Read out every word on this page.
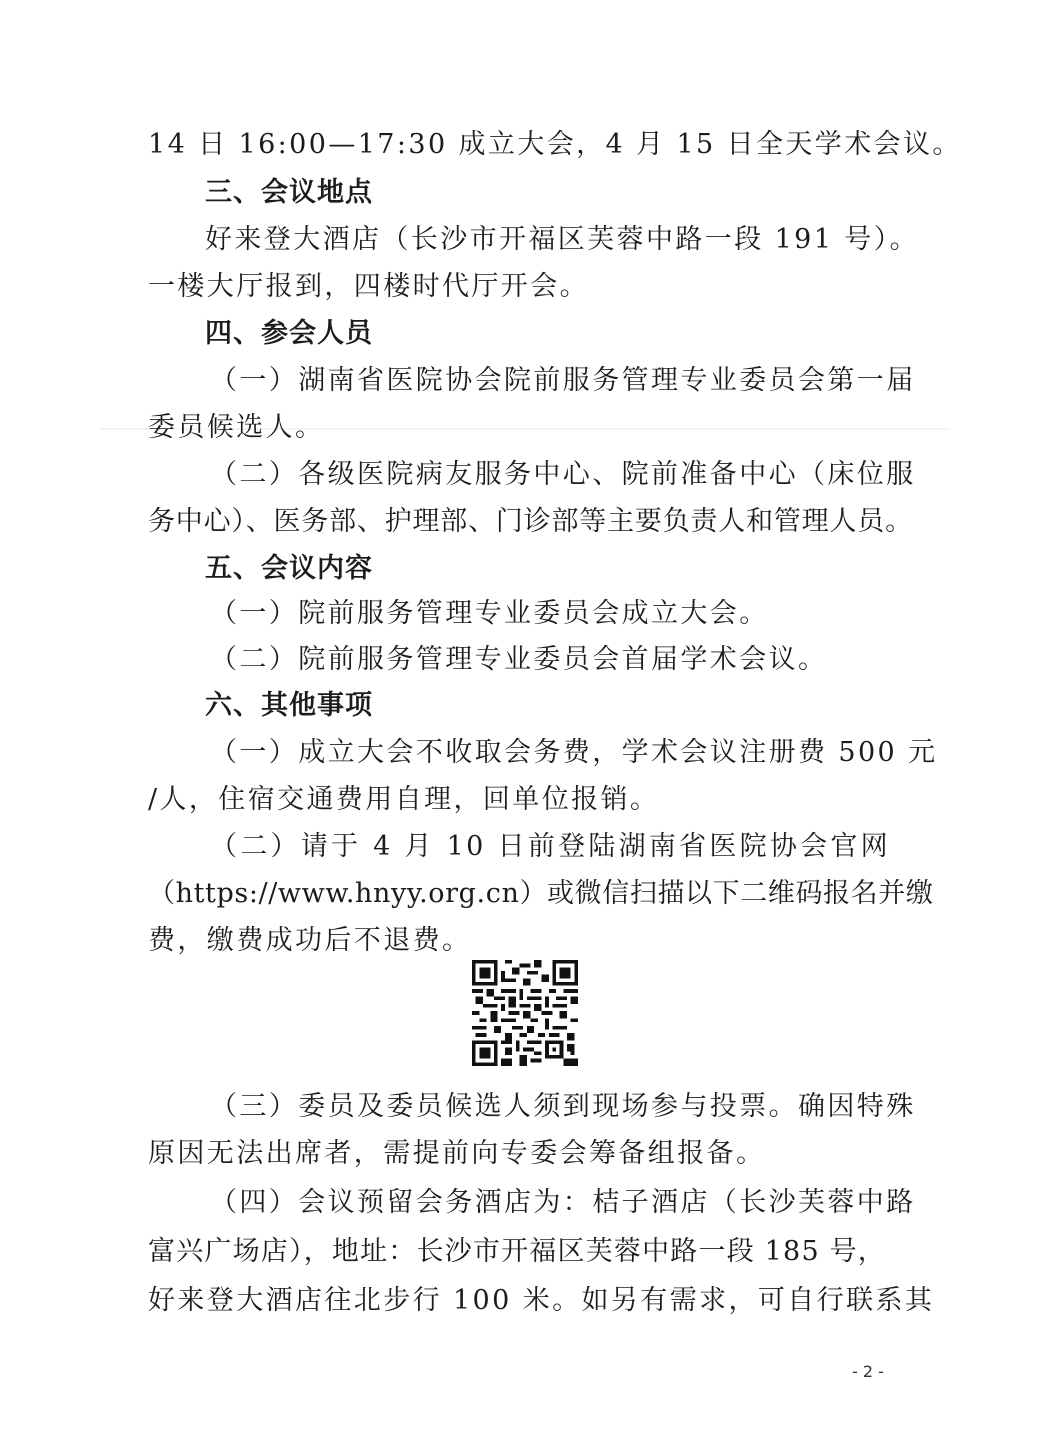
14 日 16:00—17:30 成立大会，4 月 15 日全天学术会议。
三、会议地点
好来登大酒店（长沙市开福区芙蓉中路一段 191 号）。
一楼大厅报到，四楼时代厅开会。
四、参会人员
（一）湖南省医院协会院前服务管理专业委员会第一届
委员候选人。
（二）各级医院病友服务中心、院前准备中心（床位服
务中心）、医务部、护理部、门诊部等主要负责人和管理人员。
五、会议内容
（一）院前服务管理专业委员会成立大会。
（二）院前服务管理专业委员会首届学术会议。
六、其他事项
（一）成立大会不收取会务费，学术会议注册费 500 元
/人，住宿交通费用自理，回单位报销。
（二）请于 4 月 10 日前登陆湖南省医院协会官网
（https://www.hnyy.org.cn）或微信扫描以下二维码报名并缴
费，缴费成功后不退费。
（三）委员及委员候选人须到现场参与投票。确因特殊
原因无法出席者，需提前向专委会筹备组报备。
（四）会议预留会务酒店为：桔子酒店（长沙芙蓉中路
富兴广场店），地址：长沙市开福区芙蓉中路一段 185 号，
好来登大酒店往北步行 100 米。如另有需求，可自行联系其
- 2 -
